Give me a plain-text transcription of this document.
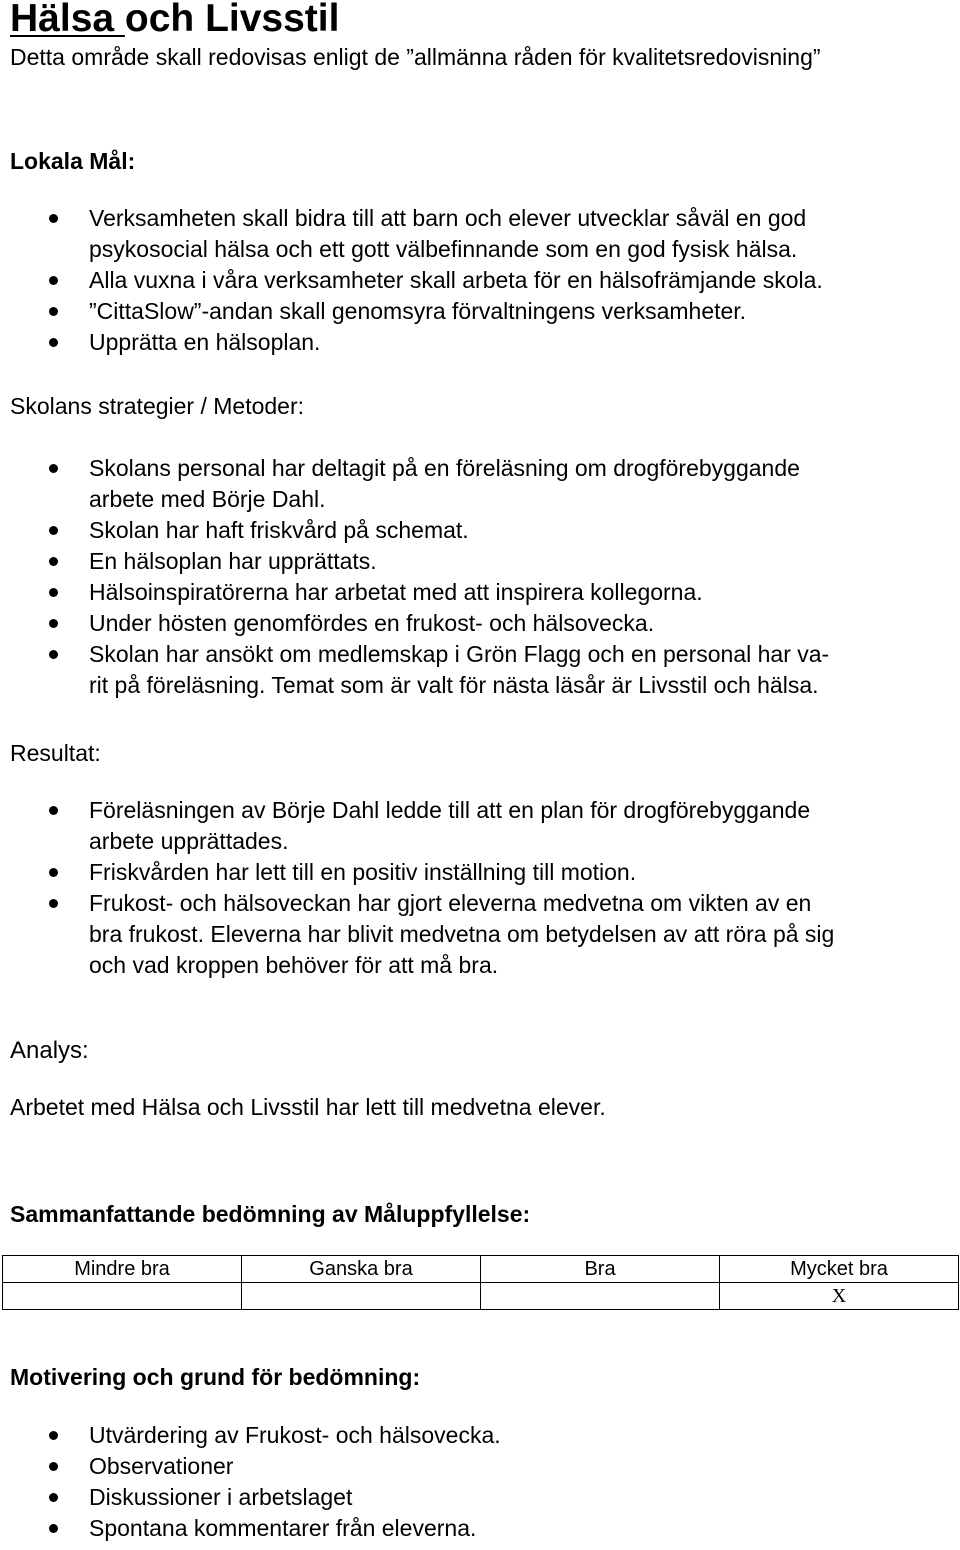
Hälsa och Livsstil
Detta område skall redovisas enligt de ”allmänna råden för kvalitetsredovisning”
Lokala Mål:
Verksamheten skall bidra till att barn och elever utvecklar såväl en god
psykosocial hälsa och ett gott välbefinnande som en god fysisk hälsa.
Alla vuxna i våra verksamheter skall arbeta för en hälsofrämjande skola.
”CittaSlow”-andan skall genomsyra förvaltningens verksamheter.
Upprätta en hälsoplan.
Skolans strategier / Metoder:
Skolans personal har deltagit på en föreläsning om drogförebyggande
arbete med Börje Dahl.
Skolan har haft friskvård på schemat.
En hälsoplan har upprättats.
Hälsoinspiratörerna har arbetat med att inspirera kollegorna.
Under hösten genomfördes en frukost- och hälsovecka.
Skolan har ansökt om medlemskap i Grön Flagg och en personal har va-
rit på föreläsning. Temat som är valt för nästa läsår är Livsstil och hälsa.
Resultat:
Föreläsningen av Börje Dahl ledde till att en plan för drogförebyggande
arbete upprättades.
Friskvården har lett till en positiv inställning till motion.
Frukost- och hälsoveckan har gjort eleverna medvetna om vikten av en
bra frukost. Eleverna har blivit medvetna om betydelsen av att röra på sig
och vad kroppen behöver för att må bra.
Analys:
Arbetet med Hälsa och Livsstil har lett till medvetna elever.
Sammanfattande bedömning av Måluppfyllelse:
Mindre bra	Ganska bra	Bra	Mycket bra
			X
Motivering och grund för bedömning:
Utvärdering av Frukost- och hälsovecka.
Observationer
Diskussioner i arbetslaget
Spontana kommentarer från eleverna.
